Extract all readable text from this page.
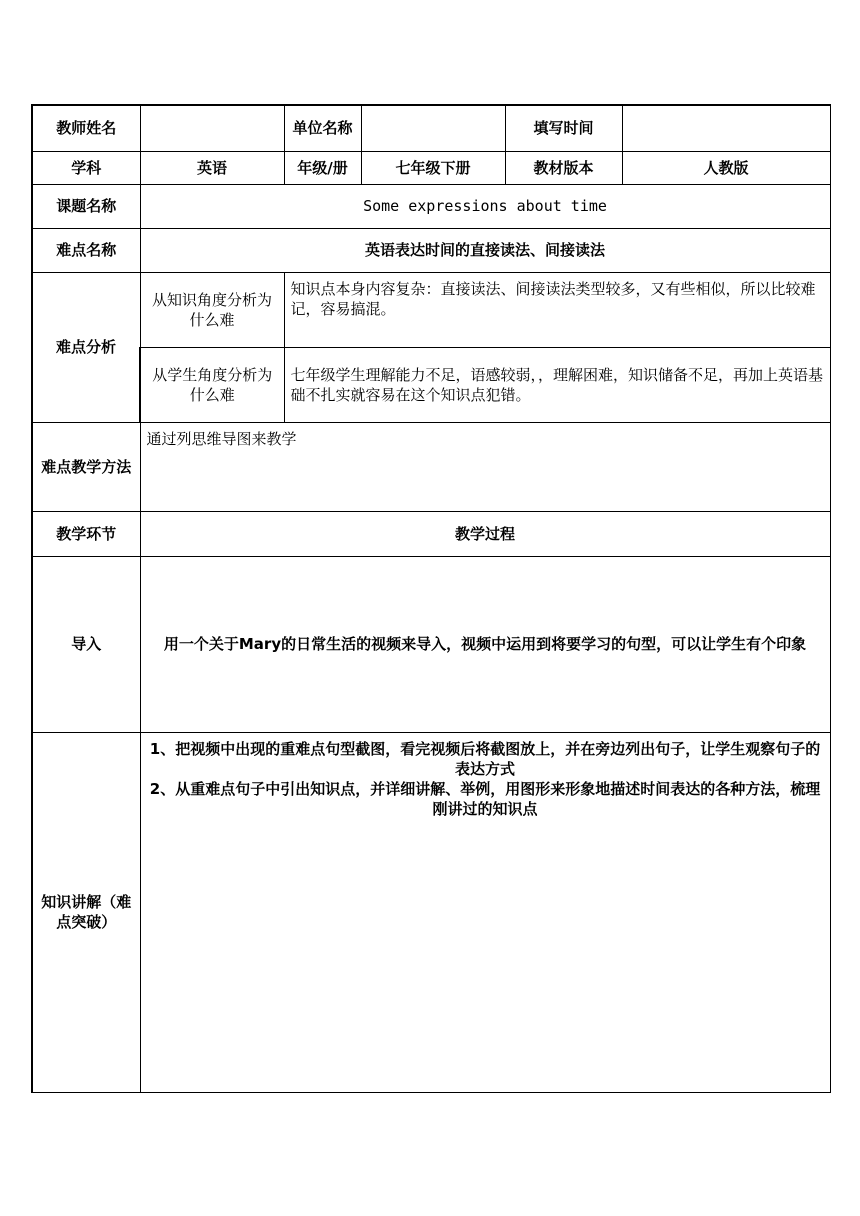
教师姓名		单位名称		填写时间	
学科	英语	年级/册	七年级下册	教材版本	人教版
课题名称	Some expressions about time				
难点名称	英语表达时间的直接读法、间接读法				
难点分析	从知识角度分析为什么难	知识点本身内容复杂：直接读法、间接读法类型较多，又有些相似，所以比较难记，容易搞混。			
	从学生角度分析为什么难	七年级学生理解能力不足，语感较弱，，理解困难，知识储备不足，再加上英语基础不扎实就容易在这个知识点犯错。			
难点教学方法	通过列思维导图来教学				
教学环节	教学过程				
导入	用一个关于Mary的日常生活的视频来导入，视频中运用到将要学习的句型，可以让学生有个印象				
知识讲解（难点突破）	1、把视频中出现的重难点句型截图，看完视频后将截图放上，并在旁边列出句子，让学生观察句子的表达方式
2、从重难点句子中引出知识点，并详细讲解、举例，用图形来形象地描述时间表达的各种方法，梳理刚讲过的知识点				
